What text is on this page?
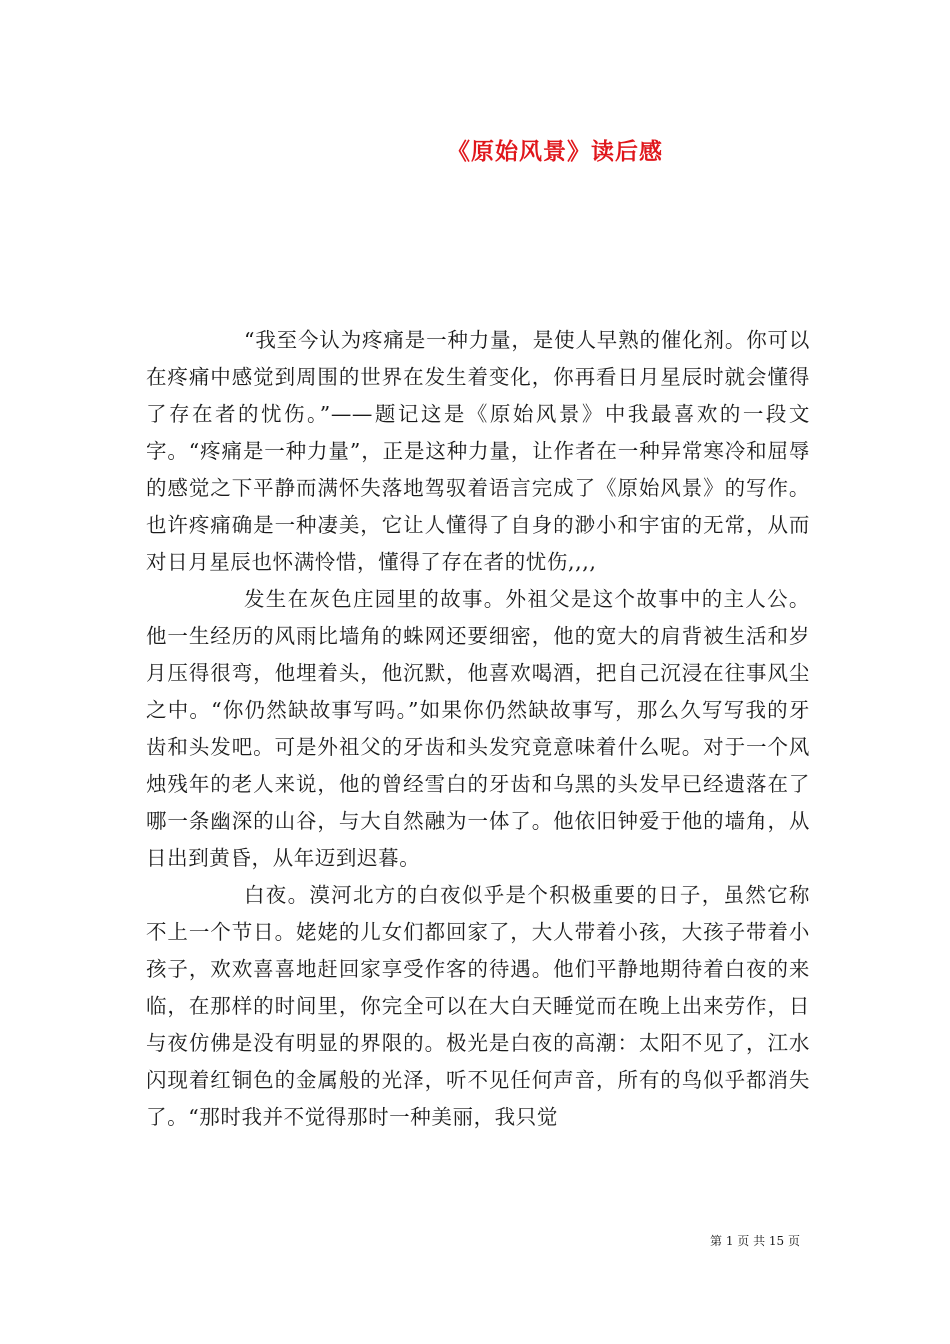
《原始风景》读后感

“我至今认为疼痛是一种力量，是使人早熟的催化剂。你可以在疼痛中感觉到周围的世界在发生着变化，你再看日月星辰时就会懂得了存在者的忧伤。”——题记这是《原始风景》中我最喜欢的一段文字。“疼痛是一种力量”，正是这种力量，让作者在一种异常寒冷和屈辱的感觉之下平静而满怀失落地驾驭着语言完成了《原始风景》的写作。也许疼痛确是一种凄美，它让人懂得了自身的渺小和宇宙的无常，从而对日月星辰也怀满怜惜，懂得了存在者的忧伤,,,,

发生在灰色庄园里的故事。外祖父是这个故事中的主人公。他一生经历的风雨比墙角的蛛网还要细密，他的宽大的肩背被生活和岁月压得很弯，他埋着头，他沉默，他喜欢喝酒，把自己沉浸在往事风尘之中。“你仍然缺故事写吗。”如果你仍然缺故事写，那么久写写我的牙齿和头发吧。可是外祖父的牙齿和头发究竟意味着什么呢。对于一个风烛残年的老人来说，他的曾经雪白的牙齿和乌黑的头发早已经遗落在了哪一条幽深的山谷，与大自然融为一体了。他依旧钟爱于他的墙角，从日出到黄昏，从年迈到迟暮。

白夜。漠河北方的白夜似乎是个积极重要的日子，虽然它称不上一个节日。姥姥的儿女们都回家了，大人带着小孩，大孩子带着小孩子，欢欢喜喜地赶回家享受作客的待遇。他们平静地期待着白夜的来临，在那样的时间里，你完全可以在大白天睡觉而在晚上出来劳作，日与夜仿佛是没有明显的界限的。极光是白夜的高潮：太阳不见了，江水闪现着红铜色的金属般的光泽，听不见任何声音，所有的鸟似乎都消失了。“那时我并不觉得那时一种美丽，我只觉

第 1 页 共 15 页
